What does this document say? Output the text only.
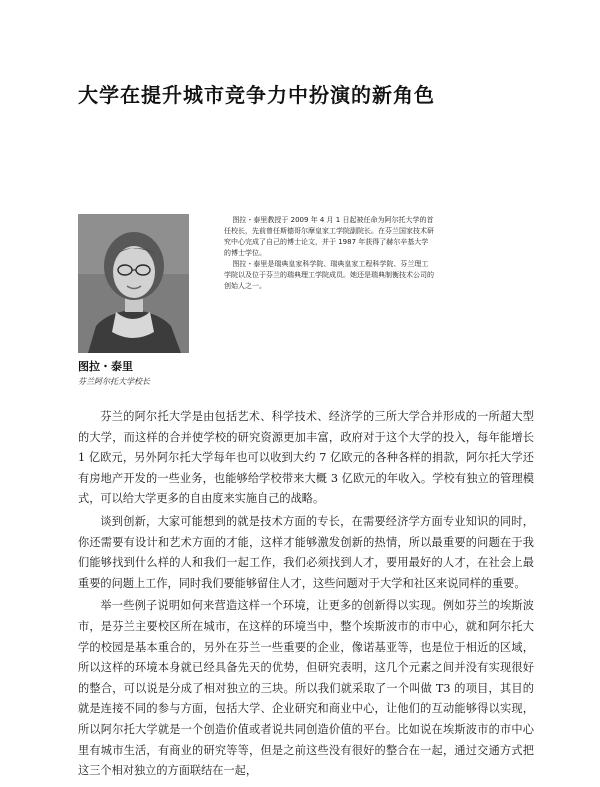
大学在提升城市竞争力中扮演的新角色

图拉・泰里教授于 2009 年 4 月 1 日起被任命为阿尔托大学的首任校长，先前曾任斯德哥尔摩皇家工学院副院长。在芬兰国家技术研究中心完成了自己的博士论文，并于 1987 年获得了赫尔辛基大学的博士学位。

图拉・泰里是瑞典皇家科学院、瑞典皇家工程科学院、芬兰理工学院以及位于芬兰的瑞典理工学院成员。她还是瑞典制衡技术公司的创始人之一。

图拉・泰里
芬兰阿尔托大学校长

芬兰的阿尔托大学是由包括艺术、科学技术、经济学的三所大学合并形成的一所超大型的大学，而这样的合并使学校的研究资源更加丰富，政府对于这个大学的投入，每年能增长 1 亿欧元，另外阿尔托大学每年也可以收到大约 7 亿欧元的各种各样的捐款，阿尔托大学还有房地产开发的一些业务，也能够给学校带来大概 3 亿欧元的年收入。学校有独立的管理模式，可以给大学更多的自由度来实施自己的战略。

谈到创新，大家可能想到的就是技术方面的专长，在需要经济学方面专业知识的同时，你还需要有设计和艺术方面的才能，这样才能够激发创新的热情，所以最重要的问题在于我们能够找到什么样的人和我们一起工作，我们必须找到人才，要用最好的人才，在社会上最重要的问题上工作，同时我们要能够留住人才，这些问题对于大学和社区来说同样的重要。

举一些例子说明如何来营造这样一个环境，让更多的创新得以实现。例如芬兰的埃斯波市，是芬兰主要校区所在城市，在这样的环境当中，整个埃斯波市的市中心，就和阿尔托大学的校园是基本重合的，另外在芬兰一些重要的企业，像诺基亚等，也是位于相近的区域，所以这样的环境本身就已经具备先天的优势，但研究表明，这几个元素之间并没有实现很好的整合，可以说是分成了相对独立的三块。所以我们就采取了一个叫做 T3 的项目，其目的就是连接不同的参与方面，包括大学、企业研究和商业中心，让他们的互动能够得以实现，所以阿尔托大学就是一个创造价值或者说共同创造价值的平台。比如说在埃斯波市的市中心里有城市生活，有商业的研究等等，但是之前这些没有很好的整合在一起，通过交通方式把这三个相对独立的方面联结在一起，
